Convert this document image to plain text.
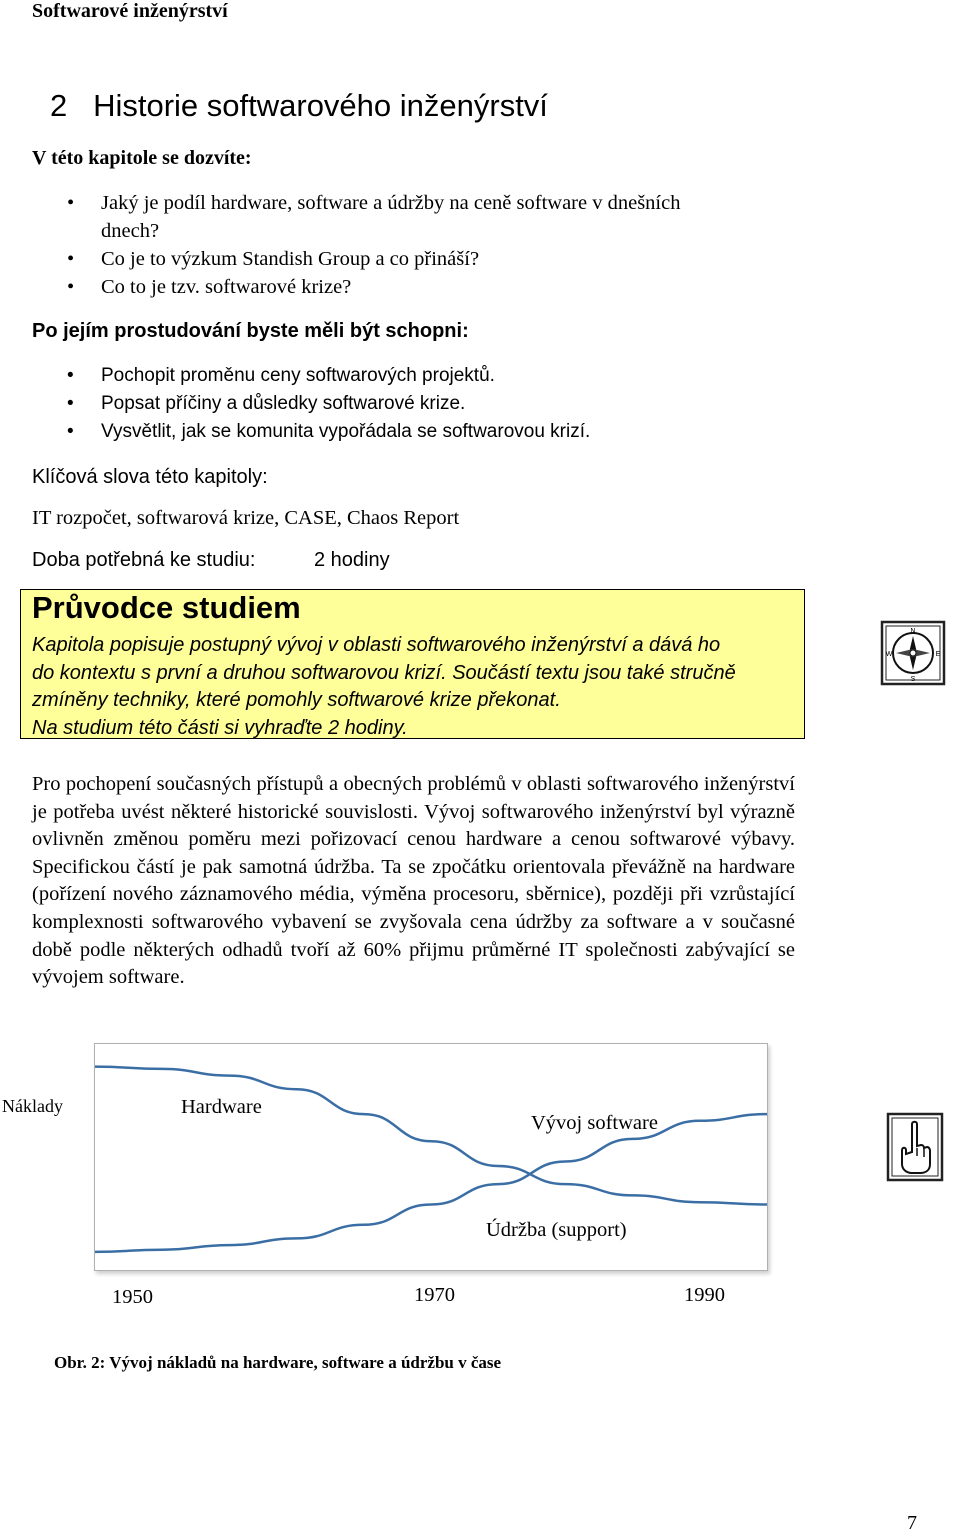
Softwarové inženýrství
2   Historie softwarového inženýrství
V této kapitole se dozvíte:
• Jaký je podíl hardware, software a údržby na ceně software v dnešních
dnech?
• Co je to výzkum Standish Group a co přináší?
• Co to je tzv. softwarové krize?
Po jejím prostudování byste měli být schopni:
• Pochopit proměnu ceny softwarových projektů.
• Popsat příčiny a důsledky softwarové krize.
• Vysvětlit, jak se komunita vypořádala se softwarovou krizí.
Klíčová slova této kapitoly:
IT rozpočet, softwarová krize, CASE, Chaos Report
Doba potřebná ke studiu:	2 hodiny
Průvodce studiem
Kapitola popisuje postupný vývoj v oblasti softwarového inženýrství a dává ho
do kontextu s první a druhou softwarovou krizí. Součástí textu jsou také stručně
zmíněny techniky, které pomohly softwarové krize překonat.
Na studium této části si vyhraďte 2 hodiny.
N
E
S
W
Pro pochopení současných přístupů a obecných problémů v oblasti softwarového inženýrství je potřeba uvést některé historické souvislosti. Vývoj softwarového inženýrství byl výrazně ovlivněn změnou poměru mezi pořizovací cenou hardware a cenou softwarové výbavy. Specifickou částí je pak samotná údržba. Ta se zpočátku orientovala převážně na hardware (pořízení nového záznamového média, výměna procesoru, sběrnice), později při vzrůstající komplexnosti softwarového vybavení se zvyšovala cena údržby za software a v současné době podle některých odhadů tvoří až 60% přijmu průměrné IT společnosti zabývající se vývojem software.
Náklady	Hardware
Vývoj software
Údržba (support)
1950	1970	1990
Obr. 2: Vývoj nákladů na hardware, software a údržbu v čase
7
